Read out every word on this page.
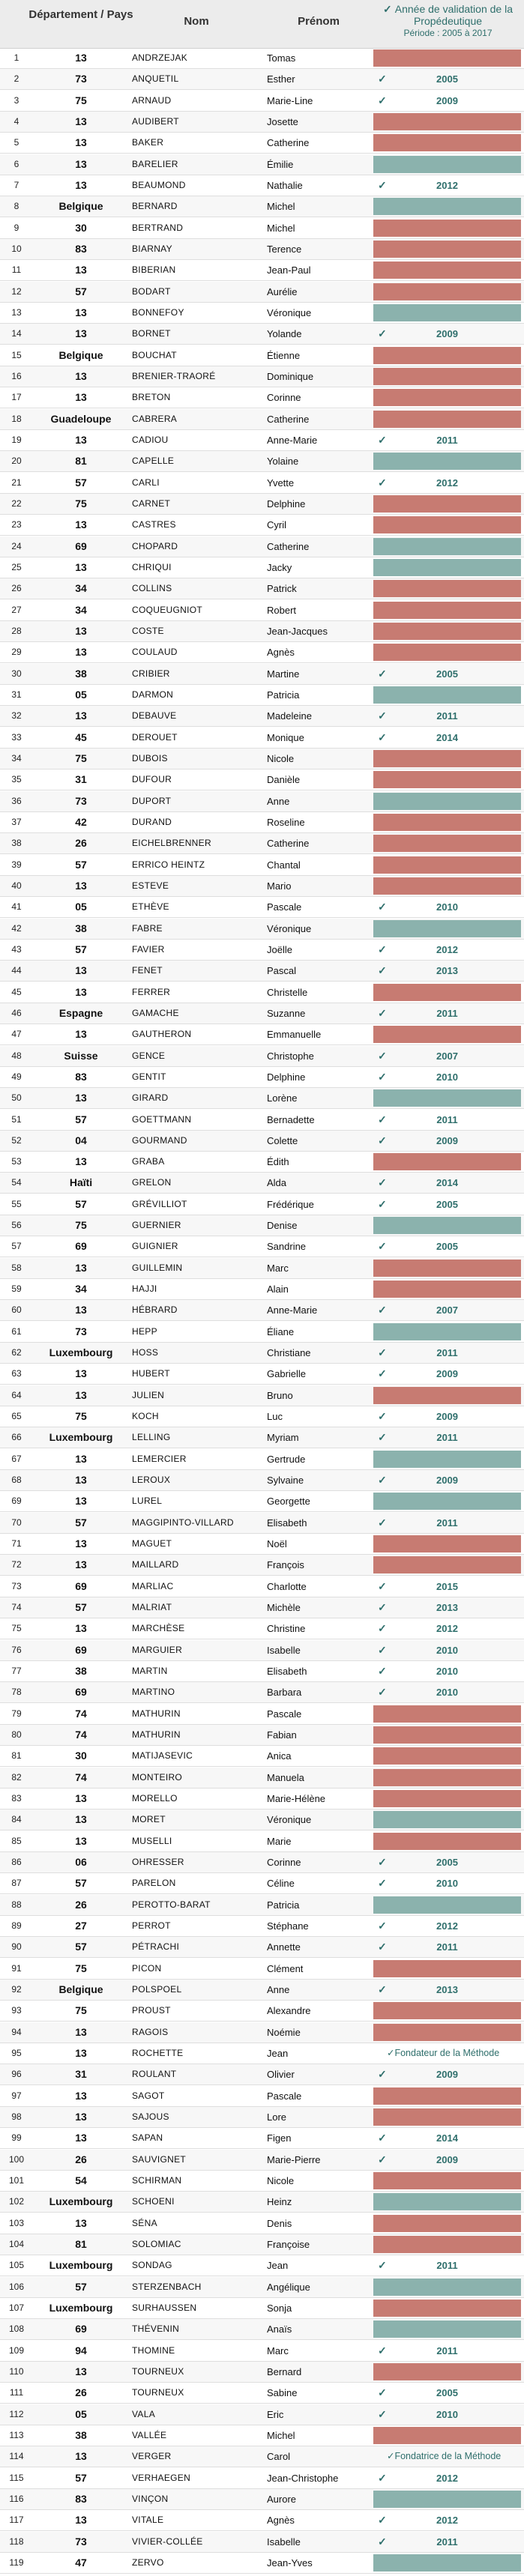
Département / Pays
Nom	Prénom
✓ Année de validation de la Propédeutique
Période : 2005 à 2017
1	13	ANDRZEJAK	Tomas
2	73	ANQUETIL	Esther	✓	2005
3	75	ARNAUD	Marie-Line	✓	2009
4	13	AUDIBERT	Josette
5	13	BAKER	Catherine
6	13	BARELIER	Émilie
7	13	BEAUMOND	Nathalie	✓	2012
8	Belgique	BERNARD	Michel
9	30	BERTRAND	Michel
10	83	BIARNAY	Terence
11	13	BIBERIAN	Jean-Paul
12	57	BODART	Aurélie
13	13	BONNEFOY	Véronique
14	13	BORNET	Yolande	✓	2009
15	Belgique	BOUCHAT	Étienne
16	13	BRENIER-TRAORÉ	Dominique
17	13	BRETON	Corinne
18	Guadeloupe	CABRERA	Catherine
19	13	CADIOU	Anne-Marie	✓	2011
20	81	CAPELLE	Yolaine
21	57	CARLI	Yvette	✓	2012
22	75	CARNET	Delphine
23	13	CASTRES	Cyril
24	69	CHOPARD	Catherine
25	13	CHRIQUI	Jacky
26	34	COLLINS	Patrick
27	34	COQUEUGNIOT	Robert
28	13	COSTE	Jean-Jacques
29	13	COULAUD	Agnès
30	38	CRIBIER	Martine	✓	2005
31	05	DARMON	Patricia
32	13	DEBAUVE	Madeleine	✓	2011
33	45	DEROUET	Monique	✓	2014
34	75	DUBOIS	Nicole
35	31	DUFOUR	Danièle
36	73	DUPORT	Anne
37	42	DURAND	Roseline
38	26	EICHELBRENNER	Catherine
39	57	ERRICO HEINTZ	Chantal
40	13	ESTEVE	Mario
41	05	ETHÈVE	Pascale	✓	2010
42	38	FABRE	Véronique
43	57	FAVIER	Joëlle	✓	2012
44	13	FENET	Pascal	✓	2013
45	13	FERRER	Christelle
46	Espagne	GAMACHE	Suzanne	✓	2011
47	13	GAUTHERON	Emmanuelle
48	Suisse	GENCE	Christophe	✓	2007
49	83	GENTIT	Delphine	✓	2010
50	13	GIRARD	Lorène
51	57	GOETTMANN	Bernadette	✓	2011
52	04	GOURMAND	Colette	✓	2009
53	13	GRABA	Édith
54	Haïti	GRELON	Alda	✓	2014
55	57	GRÉVILLIOT	Frédérique	✓	2005
56	75	GUERNIER	Denise
57	69	GUIGNIER	Sandrine	✓	2005
58	13	GUILLEMIN	Marc
59	34	HAJJI	Alain
60	13	HÉBRARD	Anne-Marie	✓	2007
61	73	HEPP	Éliane
62	Luxembourg	HOSS	Christiane	✓	2011
63	13	HUBERT	Gabrielle	✓	2009
64	13	JULIEN	Bruno
65	75	KOCH	Luc	✓	2009
66	Luxembourg	LELLING	Myriam	✓	2011
67	13	LEMERCIER	Gertrude
68	13	LEROUX	Sylvaine	✓	2009
69	13	LUREL	Georgette
70	57	MAGGIPINTO-VILLARD	Elisabeth	✓	2011
71	13	MAGUET	Noël
72	13	MAILLARD	François
73	69	MARLIAC	Charlotte	✓	2015
74	57	MALRIAT	Michèle	✓	2013
75	13	MARCHÈSE	Christine	✓	2012
76	69	MARGUIER	Isabelle	✓	2010
77	38	MARTIN	Elisabeth	✓	2010
78	69	MARTINO	Barbara	✓	2010
79	74	MATHURIN	Pascale
80	74	MATHURIN	Fabian
81	30	MATIJASEVIC	Anica
82	74	MONTEIRO	Manuela
83	13	MORELLO	Marie-Hélène
84	13	MORET	Véronique
85	13	MUSELLI	Marie
86	06	OHRESSER	Corinne	✓	2005
87	57	PARELON	Céline	✓	2010
88	26	PEROTTO-BARAT	Patricia
89	27	PERROT	Stéphane	✓	2012
90	57	PÉTRACHI	Annette	✓	2011
91	75	PICON	Clément
92	Belgique	POLSPOEL	Anne	✓	2013
93	75	PROUST	Alexandre
94	13	RAGOIS	Noémie
95	13	ROCHETTE	Jean	✓Fondateur de la Méthode
96	31	ROULANT	Olivier	✓	2009
97	13	SAGOT	Pascale
98	13	SAJOUS	Lore
99	13	SAPAN	Figen	✓	2014
100	26	SAUVIGNET	Marie-Pierre	✓	2009
101	54	SCHIRMAN	Nicole
102	Luxembourg	SCHOENI	Heinz
103	13	SÉNA	Denis
104	81	SOLOMIAC	Françoise
105	Luxembourg	SONDAG	Jean	✓	2011
106	57	STERZENBACH	Angélique
107	Luxembourg	SURHAUSSEN	Sonja
108	69	THÉVENIN	Anaïs
109	94	THOMINE	Marc	✓	2011
110	13	TOURNEUX	Bernard
111	26	TOURNEUX	Sabine	✓	2005
112	05	VALA	Eric	✓	2010
113	38	VALLÉE	Michel
114	13	VERGER	Carol	✓Fondatrice de la Méthode
115	57	VERHAEGEN	Jean-Christophe	✓	2012
116	83	VINÇON	Aurore
117	13	VITALE	Agnès	✓	2012
118	73	VIVIER-COLLÉE	Isabelle	✓	2011
119	47	ZERVO	Jean-Yves
